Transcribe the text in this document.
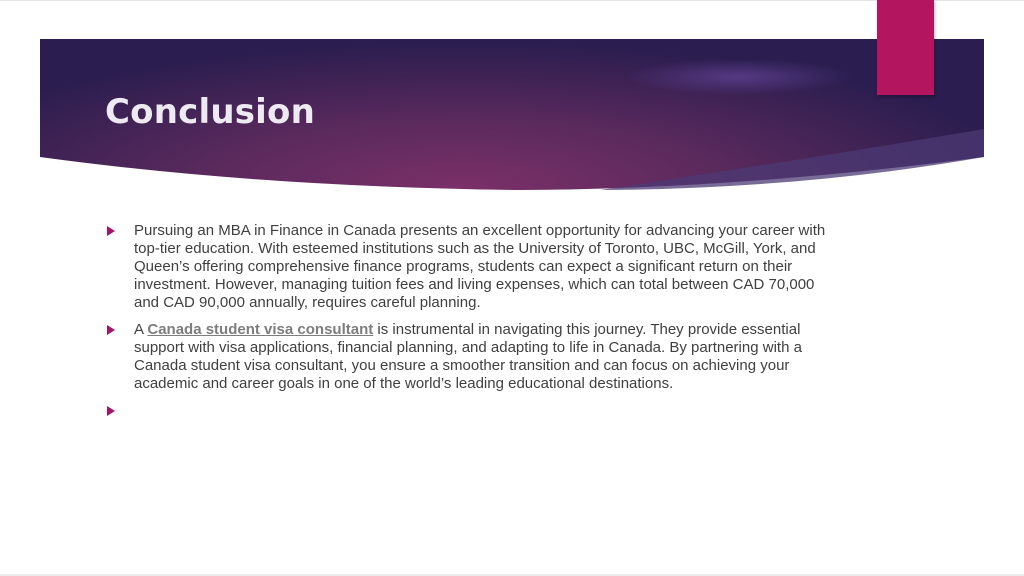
Conclusion

Pursuing an MBA in Finance in Canada presents an excellent opportunity for advancing your career with top-tier education. With esteemed institutions such as the University of Toronto, UBC, McGill, York, and Queen’s offering comprehensive finance programs, students can expect a significant return on their investment. However, managing tuition fees and living expenses, which can total between CAD 70,000 and CAD 90,000 annually, requires careful planning.

A Canada student visa consultant is instrumental in navigating this journey. They provide essential support with visa applications, financial planning, and adapting to life in Canada. By partnering with a Canada student visa consultant, you ensure a smoother transition and can focus on achieving your academic and career goals in one of the world’s leading educational destinations.
